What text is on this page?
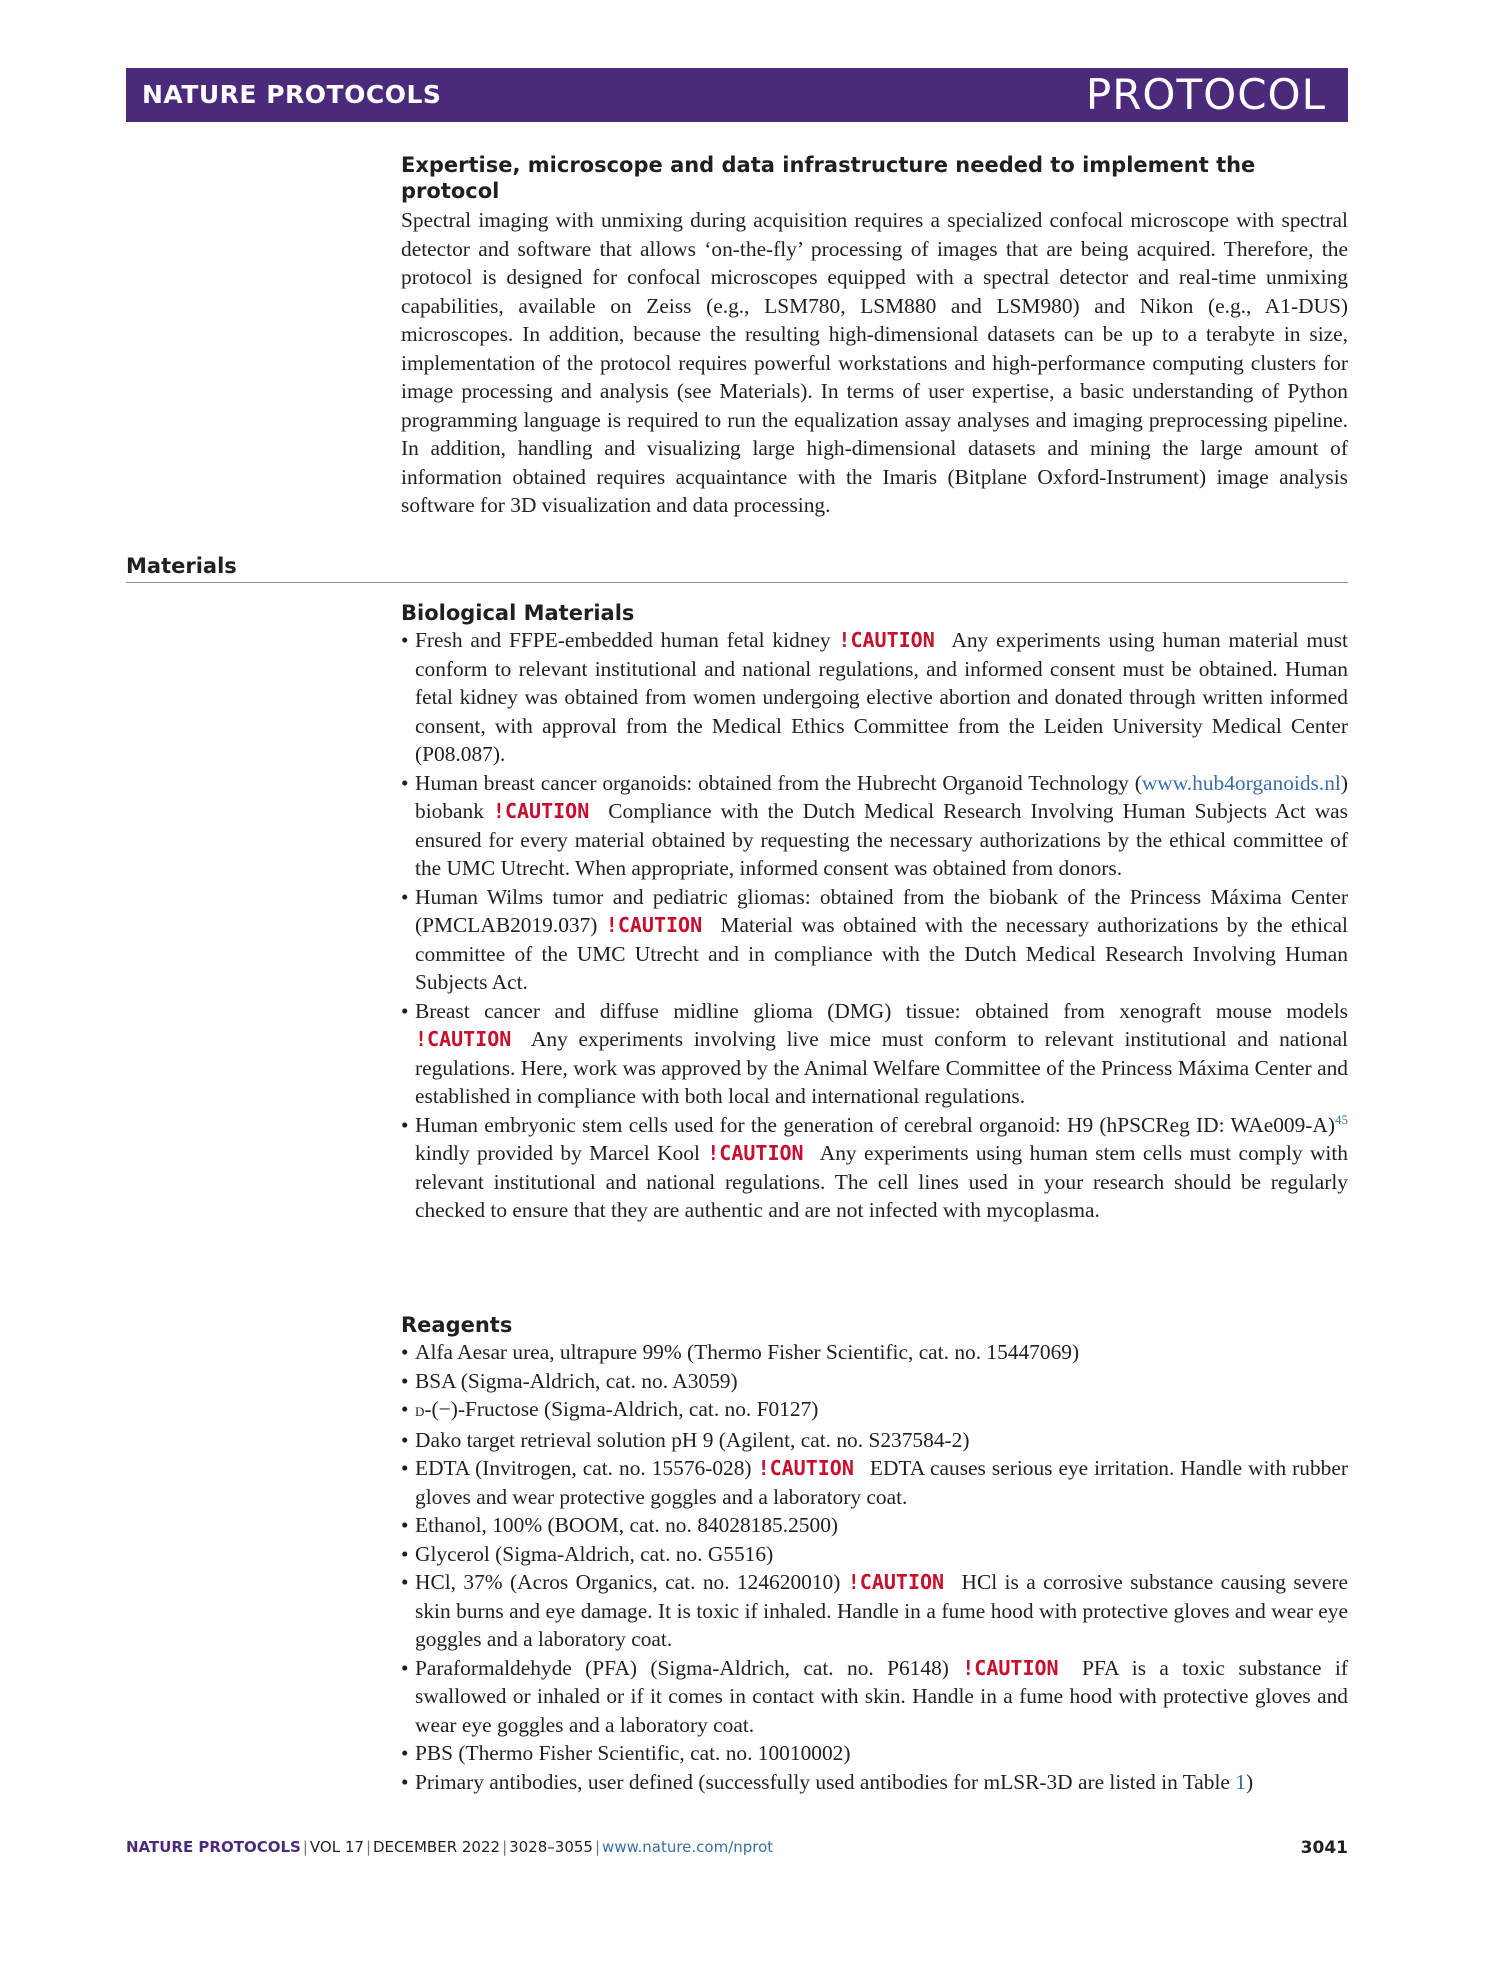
NATURE PROTOCOLS	PROTOCOL
Expertise, microscope and data infrastructure needed to implement the protocol

Spectral imaging with unmixing during acquisition requires a specialized confocal microscope with spectral detector and software that allows ‘on-the-fly’ processing of images that are being acquired. Therefore, the protocol is designed for confocal microscopes equipped with a spectral detector and real-time unmixing capabilities, available on Zeiss (e.g., LSM780, LSM880 and LSM980) and Nikon (e.g., A1-DUS) microscopes. In addition, because the resulting high-dimensional datasets can be up to a terabyte in size, implementation of the protocol requires powerful workstations and high-performance computing clusters for image processing and analysis (see Materials). In terms of user expertise, a basic understanding of Python programming language is required to run the equalization assay analyses and imaging preprocessing pipeline. In addition, handling and visualizing large high-dimensional datasets and mining the large amount of information obtained requires acquaintance with the Imaris (Bitplane Oxford-Instrument) image analysis software for 3D visualization and data processing.

Materials
Biological Materials
• Fresh and FFPE-embedded human fetal kidney !CAUTION Any experiments using human material must conform to relevant institutional and national regulations, and informed consent must be obtained. Human fetal kidney was obtained from women undergoing elective abortion and donated through written informed consent, with approval from the Medical Ethics Committee from the Leiden University Medical Center (P08.087).
• Human breast cancer organoids: obtained from the Hubrecht Organoid Technology (www.hub4organoids.nl) biobank !CAUTION Compliance with the Dutch Medical Research Involving Human Subjects Act was ensured for every material obtained by requesting the necessary authorizations by the ethical committee of the UMC Utrecht. When appropriate, informed consent was obtained from donors.
• Human Wilms tumor and pediatric gliomas: obtained from the biobank of the Princess Máxima Center (PMCLAB2019.037) !CAUTION Material was obtained with the necessary authorizations by the ethical committee of the UMC Utrecht and in compliance with the Dutch Medical Research Involving Human Subjects Act.
• Breast cancer and diffuse midline glioma (DMG) tissue: obtained from xenograft mouse models !CAUTION Any experiments involving live mice must conform to relevant institutional and national regulations. Here, work was approved by the Animal Welfare Committee of the Princess Máxima Center and established in compliance with both local and international regulations.
• Human embryonic stem cells used for the generation of cerebral organoid: H9 (hPSCReg ID: WAe009-A)$^{45}$ kindly provided by Marcel Kool !CAUTION Any experiments using human stem cells must comply with relevant institutional and national regulations. The cell lines used in your research should be regularly checked to ensure that they are authentic and are not infected with mycoplasma.
Reagents
• Alfa Aesar urea, ultrapure 99% (Thermo Fisher Scientific, cat. no. 15447069)
• BSA (Sigma-Aldrich, cat. no. A3059)
• d-(−)-Fructose (Sigma-Aldrich, cat. no. F0127)
• Dako target retrieval solution pH 9 (Agilent, cat. no. S237584-2)
• EDTA (Invitrogen, cat. no. 15576-028) !CAUTION EDTA causes serious eye irritation. Handle with rubber gloves and wear protective goggles and a laboratory coat.
• Ethanol, 100% (BOOM, cat. no. 84028185.2500)
• Glycerol (Sigma-Aldrich, cat. no. G5516)
• HCl, 37% (Acros Organics, cat. no. 124620010) !CAUTION HCl is a corrosive substance causing severe skin burns and eye damage. It is toxic if inhaled. Handle in a fume hood with protective gloves and wear eye goggles and a laboratory coat.
• Paraformaldehyde (PFA) (Sigma-Aldrich, cat. no. P6148) !CAUTION PFA is a toxic substance if swallowed or inhaled or if it comes in contact with skin. Handle in a fume hood with protective gloves and wear eye goggles and a laboratory coat.
• PBS (Thermo Fisher Scientific, cat. no. 10010002)
• Primary antibodies, user defined (successfully used antibodies for mLSR-3D are listed in Table 1)
NATURE PROTOCOLS | VOL 17 | DECEMBER 2022 | 3028–3055 | www.nature.com/nprot	3041
